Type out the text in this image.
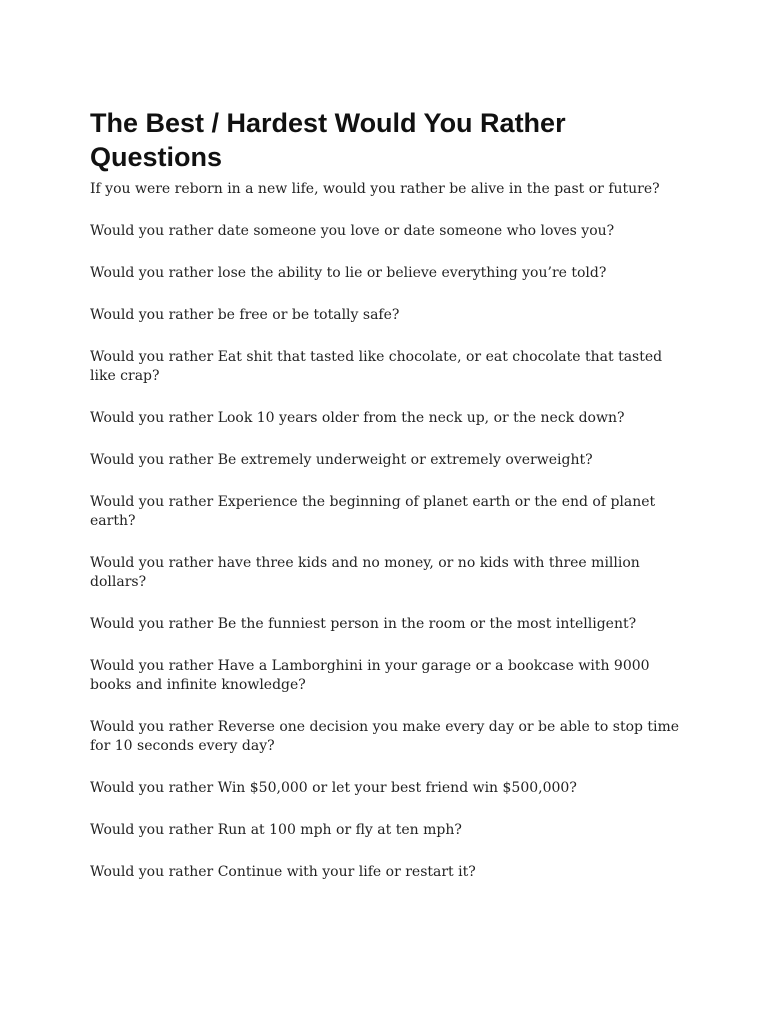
The Best / Hardest Would You Rather Questions
If you were reborn in a new life, would you rather be alive in the past or future?
Would you rather date someone you love or date someone who loves you?
Would you rather lose the ability to lie or believe everything you’re told?
Would you rather be free or be totally safe?
Would you rather Eat shit that tasted like chocolate, or eat chocolate that tasted like crap?
Would you rather Look 10 years older from the neck up, or the neck down?
Would you rather Be extremely underweight or extremely overweight?
Would you rather Experience the beginning of planet earth or the end of planet earth?
Would you rather have three kids and no money, or no kids with three million dollars?
Would you rather Be the funniest person in the room or the most intelligent?
Would you rather Have a Lamborghini in your garage or a bookcase with 9000 books and infinite knowledge?
Would you rather Reverse one decision you make every day or be able to stop time for 10 seconds every day?
Would you rather Win $50,000 or let your best friend win $500,000?
Would you rather Run at 100 mph or fly at ten mph?
Would you rather Continue with your life or restart it?
